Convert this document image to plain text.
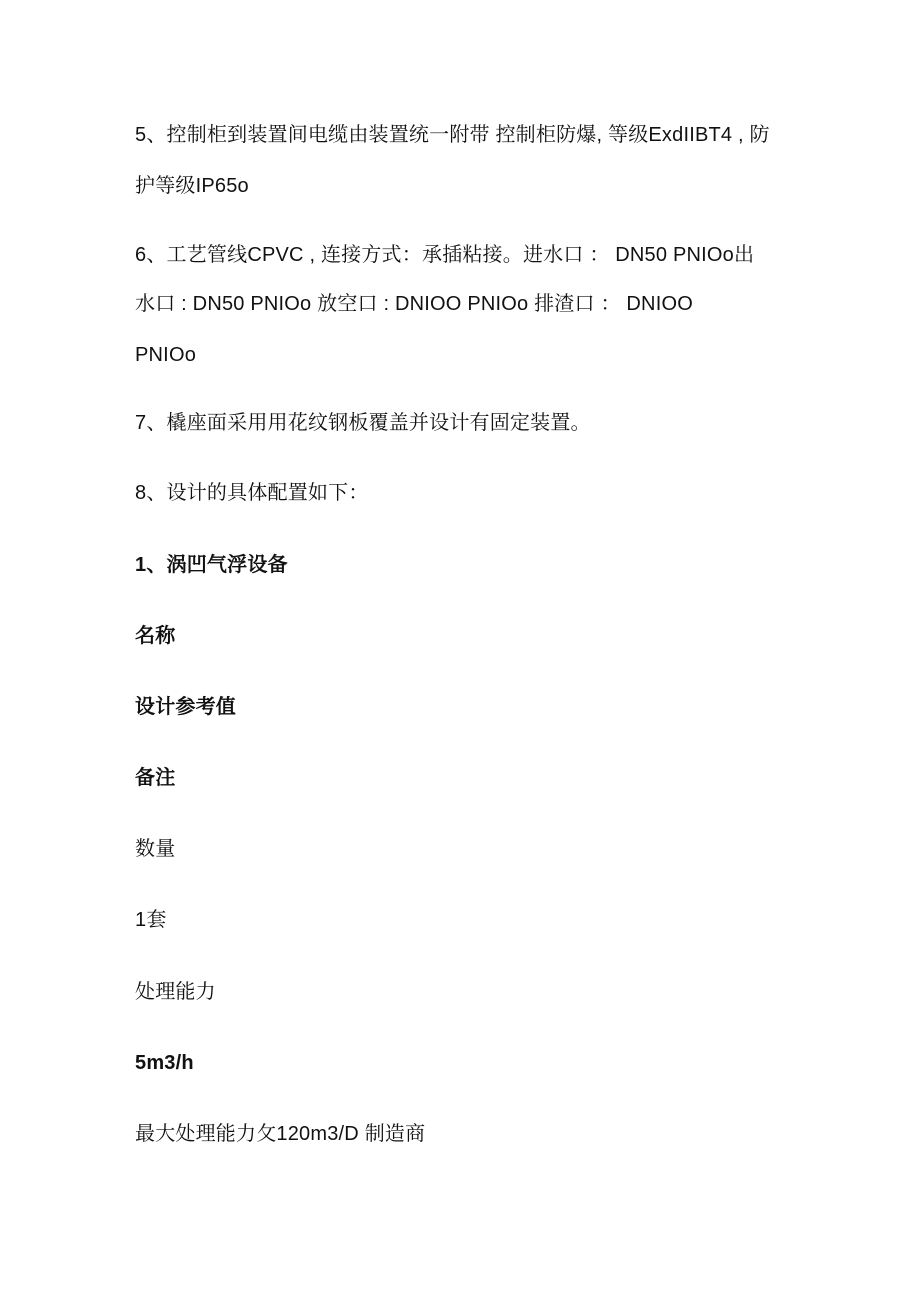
5、控制柜到装置间电缆由装置统一附带 控制柜防爆, 等级ExdIIBT4 , 防
护等级IP65o
6、工艺管线CPVC , 连接方式：承插粘接。进水口 ： DN50 PNIOo出
水口 : DN50 PNIOo 放空口 : DNIOO PNIOo 排渣口 ： DNIOO
PNIOo
7、橇座面采用用花纹钢板覆盖并设计有固定装置。
8、设计的具体配置如下：
1、涡凹气浮设备
名称
设计参考值
备注
数量
1套
处理能力
5m3/h
最大处理能力攵120m3/D 制造商
